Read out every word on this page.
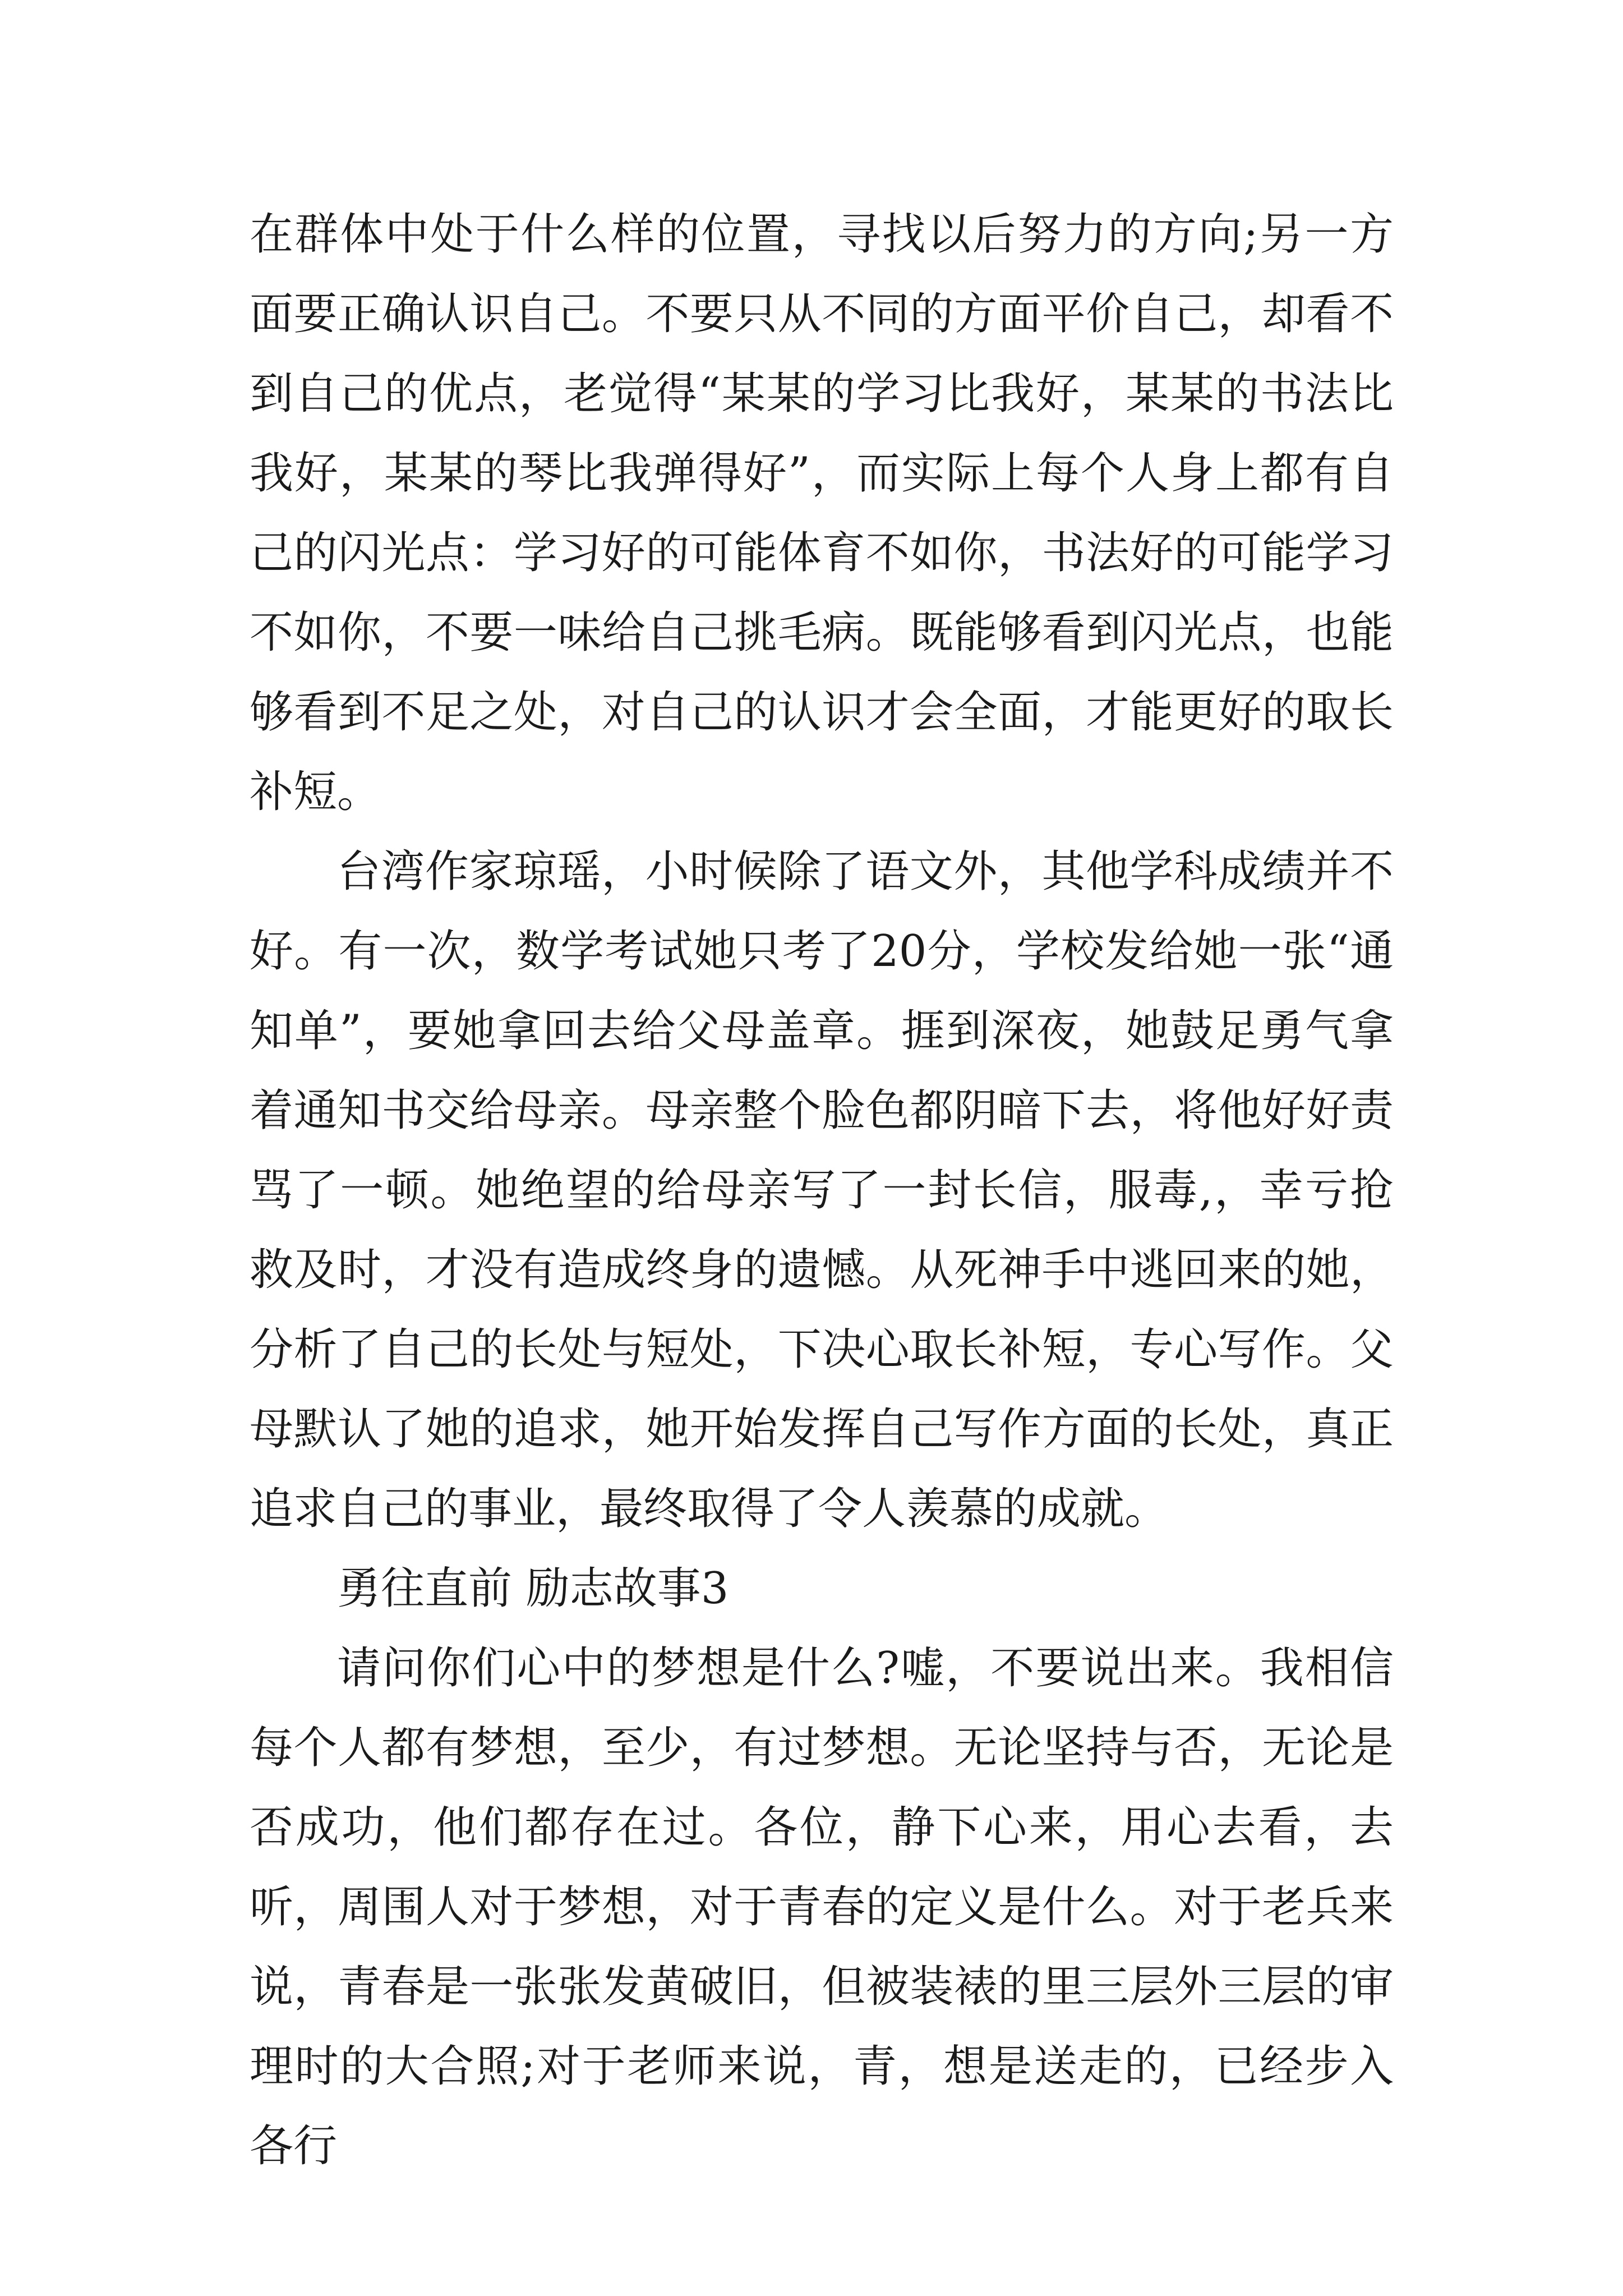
在群体中处于什么样的位置，寻找以后努力的方向;另一方面要正确认识自己。不要只从不同的方面平价自己，却看不到自己的优点，老觉得“某某的学习比我好，某某的书法比我好，某某的琴比我弹得好”，而实际上每个人身上都有自己的闪光点：学习好的可能体育不如你，书法好的可能学习不如你，不要一味给自己挑毛病。既能够看到闪光点，也能够看到不足之处，对自己的认识才会全面，才能更好的取长补短。

台湾作家琼瑶，小时候除了语文外，其他学科成绩并不好。有一次，数学考试她只考了20分，学校发给她一张“通知单”，要她拿回去给父母盖章。捱到深夜，她鼓足勇气拿着通知书交给母亲。母亲整个脸色都阴暗下去，将他好好责骂了一顿。她绝望的给母亲写了一封长信，服毒,，幸亏抢救及时，才没有造成终身的遗憾。从死神手中逃回来的她，分析了自己的长处与短处，下决心取长补短，专心写作。父母默认了她的追求，她开始发挥自己写作方面的长处，真正追求自己的事业，最终取得了令人羡慕的成就。

勇往直前 励志故事3

请问你们心中的梦想是什么?嘘，不要说出来。我相信每个人都有梦想，至少，有过梦想。无论坚持与否，无论是否成功，他们都存在过。各位，静下心来，用心去看，去听，周围人对于梦想，对于青春的定义是什么。对于老兵来说，青春是一张张发黄破旧，但被装裱的里三层外三层的审理时的大合照;对于老师来说，青，想是送走的，已经步入各行
